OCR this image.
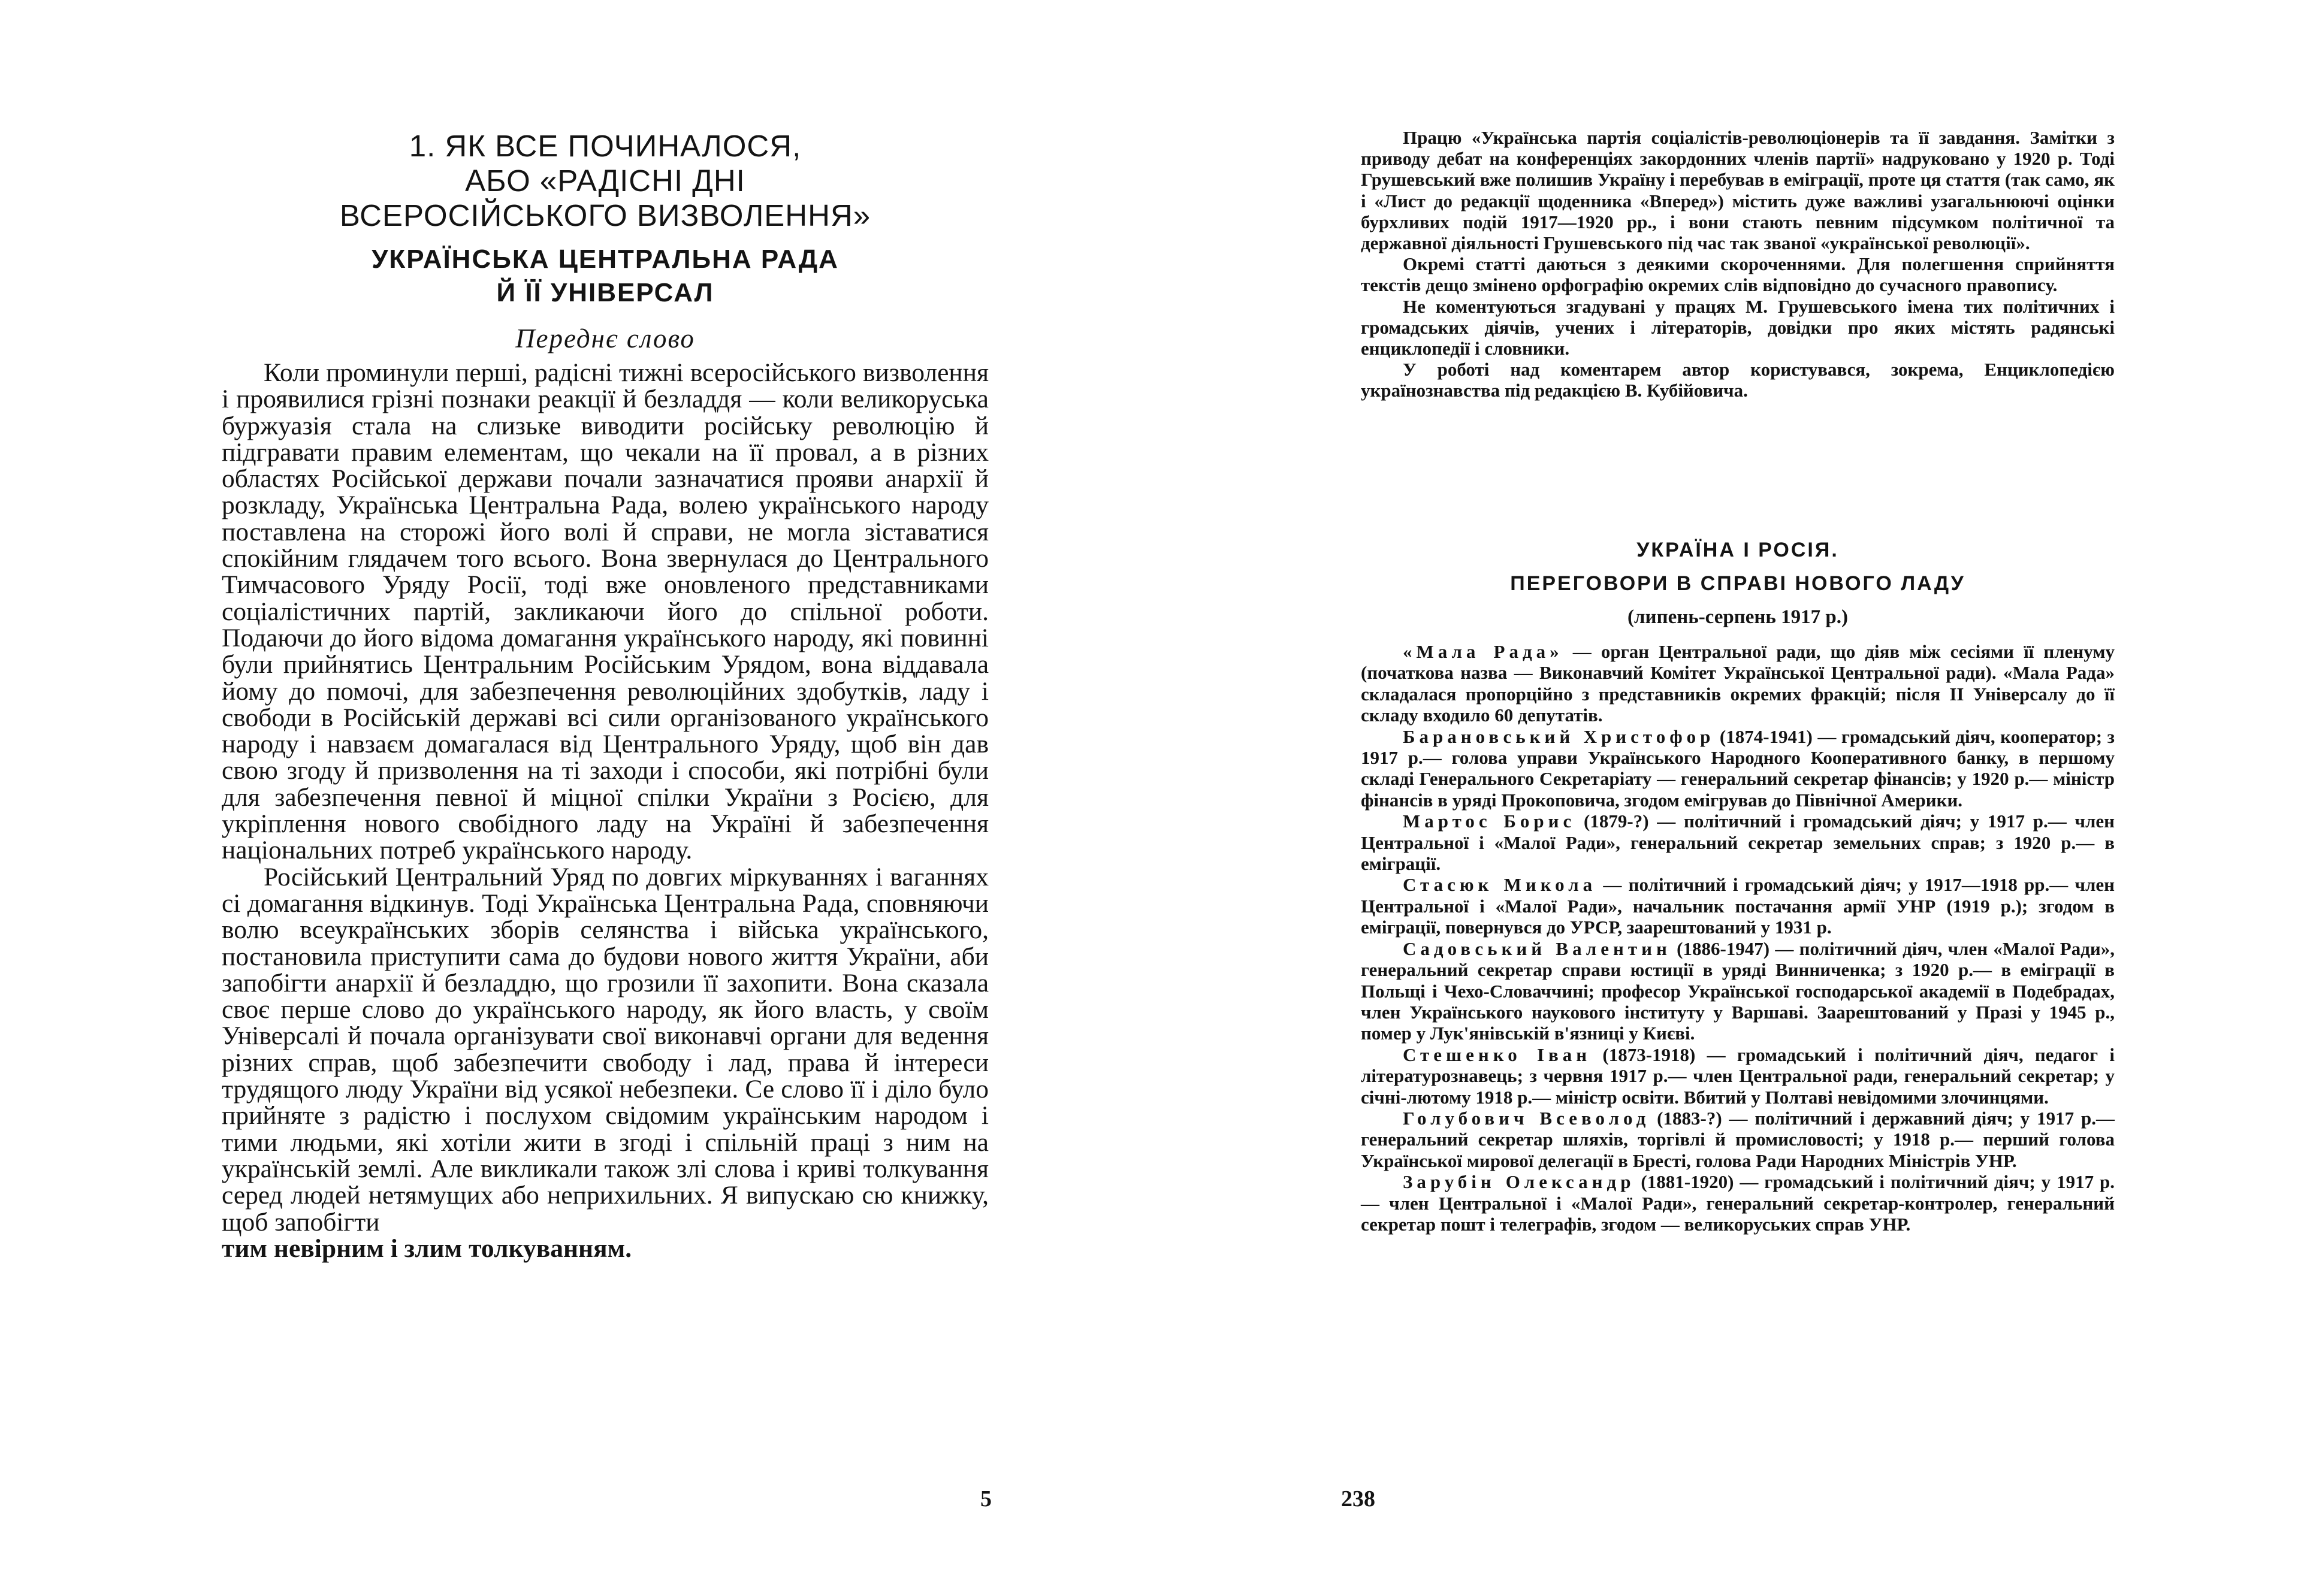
1. ЯК ВСЕ ПОЧИНАЛОСЯ,
АБО «РАДІСНІ ДНІ
ВСЕРОСІЙСЬКОГО ВИЗВОЛЕННЯ»
УКРАЇНСЬКА ЦЕНТРАЛЬНА РАДА
Й ЇЇ УНІВЕРСАЛ
Переднє слово

Коли проминули перші, радісні тижні всеросійського визволення і проявилися грізні познаки реакції й безладдя — коли великоруська буржуазія стала на слизьке виводити російську революцію й підгравати правим елементам, що чекали на її провал, а в різних областях Російської держави почали зазначатися прояви анархії й розкладу, Українська Центральна Рада, волею українського народу поставлена на сторожі його волі й справи, не могла зіставатися спокійним глядачем того всього. Вона звернулася до Центрального Тимчасового Уряду Росії, тоді вже оновленого представниками соціалістичних партій, закликаючи його до спільної роботи. Подаючи до його відома домагання українського народу, які повинні були прийнятись Центральним Російським Урядом, вона віддавала йому до помочі, для забезпечення революційних здобутків, ладу і свободи в Російській державі всі сили організованого українського народу і навзаєм домагалася від Центрального Уряду, щоб він дав свою згоду й призволення на ті заходи і способи, які потрібні були для забезпечення певної й міцної спілки України з Росією, для укріплення нового свобідного ладу на Україні й забезпечення національних потреб українського народу.

Російський Центральний Уряд по довгих міркуваннях і ваганнях сі домагання відкинув. Тоді Українська Центральна Рада, сповняючи волю всеукраїнських зборів селянства і війська українського, постановила приступити сама до будови нового життя України, аби запобігти анархії й безладдю, що грозили її захопити. Вона сказала своє перше слово до українського народу, як його власть, у своїм Універсалі й почала організувати свої виконавчі органи для ведення різних справ, щоб забезпечити свободу і лад, права й інтереси трудящого люду України від усякої небезпеки. Се слово її і діло було прийняте з радістю і послухом свідомим українським народом і тими людьми, які хотіли жити в згоді і спільній праці з ним на українській землі. Але викликали також злі слова і криві толкування серед людей нетямущих або неприхильних. Я випускаю сю книжку, щоб запобігти

тим невірним і злим толкуванням.

5

Працю «Українська партія соціалістів-революціонерів та її завдання. Замітки з приводу дебат на конференціях закордонних членів партії» надруковано у 1920 р. Тоді Грушевський вже полишив Україну і перебував в еміграції, проте ця стаття (так само, як і «Лист до редакції щоденника «Вперед») містить дуже важливі узагальнюючі оцінки бурхливих подій 1917—1920 рр., і вони стають певним підсумком політичної та державної діяльності Грушевського під час так званої «української революції».

Окремі статті даються з деякими скороченнями. Для полегшення сприйняття текстів дещо змінено орфографію окремих слів відповідно до сучасного правопису.

Не коментуються згадувані у працях М. Грушевського імена тих політичних і громадських діячів, учених і літераторів, довідки про яких містять радянські енциклопедії і словники.

У роботі над коментарем автор користувався, зокрема, Енциклопедією українознавства під редакцією В. Кубійовича.

УКРАЇНА І РОСІЯ.
ПЕРЕГОВОРИ В СПРАВІ НОВОГО ЛАДУ
(липень-серпень 1917 р.)

«Мала Рада» — орган Центральної ради, що діяв між сесіями її пленуму (початкова назва — Виконавчий Комітет Української Центральної ради). «Мала Рада» складалася пропорційно з представників окремих фракцій; після II Універсалу до її складу входило 60 депутатів.

Барановський Христофор (1874-1941) — громадський діяч, кооператор; з 1917 р.— голова управи Українського Народного Кооперативного банку, в першому складі Генерального Секретаріату — генеральний секретар фінансів; у 1920 р.— міністр фінансів в уряді Прокоповича, згодом емігрував до Північної Америки.

Мартос Борис (1879-?) — політичний і громадський діяч; у 1917 р.— член Центральної і «Малої Ради», генеральний секретар земельних справ; з 1920 р.— в еміграції.

Стасюк Микола — політичний і громадський діяч; у 1917—1918 рр.— член Центральної і «Малої Ради», начальник постачання армії УНР (1919 р.); згодом в еміграції, повернувся до УРСР, заарештований у 1931 р.

Садовський Валентин (1886-1947) — політичний діяч, член «Малої Ради», генеральний секретар справи юстиції в уряді Винниченка; з 1920 р.— в еміграції в Польщі і Чехо-Словаччині; професор Української господарської академії в Подебрадах, член Українського наукового інституту у Варшаві. Заарештований у Празі у 1945 р., помер у Лук'янівській в'язниці у Києві.

Стешенко Іван (1873-1918) — громадський і політичний діяч, педагог і літературознавець; з червня 1917 р.— член Центральної ради, генеральний секретар; у січні-лютому 1918 р.— міністр освіти. Вбитий у Полтаві невідомими злочинцями.

Голубович Всеволод (1883-?) — політичний і державний діяч; у 1917 р.— генеральний секретар шляхів, торгівлі й промисловості; у 1918 р.— перший голова Української мирової делегації в Бресті, голова Ради Народних Міністрів УНР.

Зарубін Олександр (1881-1920) — громадський і політичний діяч; у 1917 р.— член Центральної і «Малої Ради», генеральний секретар-контролер, генеральний секретар пошт і телеграфів, згодом — великоруських справ УНР.

238
